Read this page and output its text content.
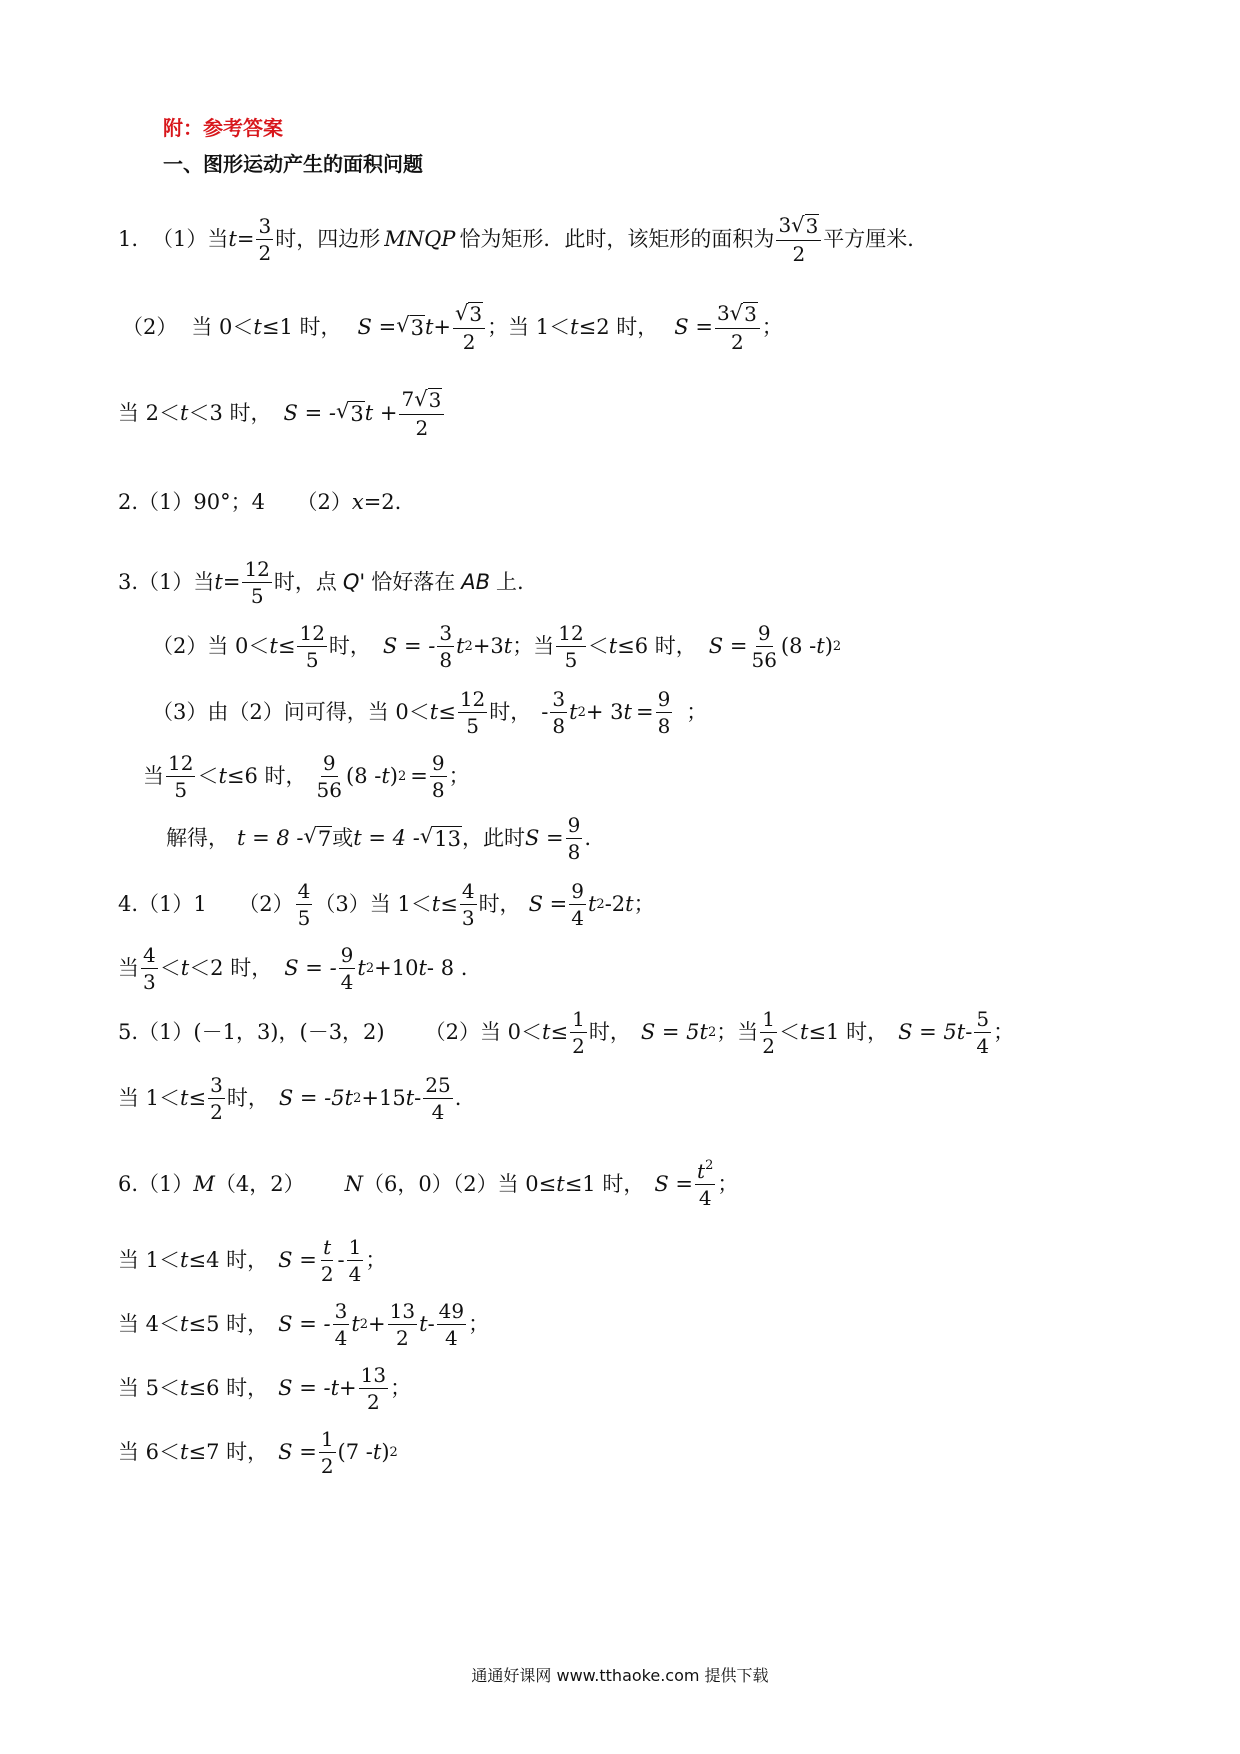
附：参考答案
一、图形运动产生的面积问题
1. （1）当 $t= \frac{3}{2}$ 时，四边形 MNQP 恰为矩形．此时，该矩形的面积为 $\frac{3 √ 3}{2}$ 平方厘米．
（2） 当 0＜ t ≤1 时， S = √ 3 $t+ \frac{√ 3}{2}$ ；当 1＜ t ≤2 时， $S = \frac{3 √ 3}{2}$ ；
当 2＜ t ＜3 时， S = - √ 3 $t + \frac{7 √ 3}{2}$
2.（1）90°；4　　（2） x =2.
3.（1）当 $t= \frac{12}{5}$ 时，点 Q' 恰好落在 AB 上.
（2）当 $0< t \le \frac{12}{5}$ 时， S = - $\frac{3}{8}$ t 2 +3 t ；当 $\frac{12}{5} < t \le 6$ 时， $S = \frac{9}{56} (8 - t$ ) 2
（3）由（2）问可得，当 $0< t \le \frac{12}{5}$ 时， - $\frac{3}{8}$ t 2 + 3 $t = \frac{9}{8}$ ；
当 $\frac{12}{5} < t \le 6$ 时， $\frac{9}{56} (8$ - t ) $2 = \frac{9}{8}$ ；
解得， t = 8 - √ 7 或 t = 4 - √ 13 ，此时 $S = \frac{9}{8}$ .
4.（1）1　　$(2) \frac{4}{5} (3)$当 $1< t \le \frac{4}{3}$ 时， $S = \frac{9}{4}$ t 2 -2 t ；
当 $\frac{4}{3} < t <2$ 时， S = - $\frac{9}{4}$ t 2 +10 t - 8 .
5.（1）(－1，3)，(－3，2) （2）当 $0< t \le \frac{1}{2}$ 时， S = 5 t 2 ；当 $\frac{1}{2} < t \le 1$ 时， S = 5 t - $\frac{5}{4}$ ；
当 $1< t \le \frac{3}{2}$ 时， S = -5 t 2 +15 t - $\frac{25}{4}$ .
6.（1） M （4，2） N （6，0）（2）当 0≤ t ≤1 时， $S = \frac{t^2}{4}$ ；
当 1＜ t ≤4 时， $S = \frac{t}{2} - \frac{1}{4}$ ；
当 4＜ t ≤5 时， S = - $\frac{3}{4}$ t $2 + \frac{13}{2}$ t - $\frac{49}{4}$ ；
当 5＜ t ≤6 时， S = - $t + \frac{13}{2}$ ；
当 6＜ t ≤7 时， $S = \frac{1}{2} (7 - t$ ) 2
通通好课网 www.tthaoke.com 提供下载
